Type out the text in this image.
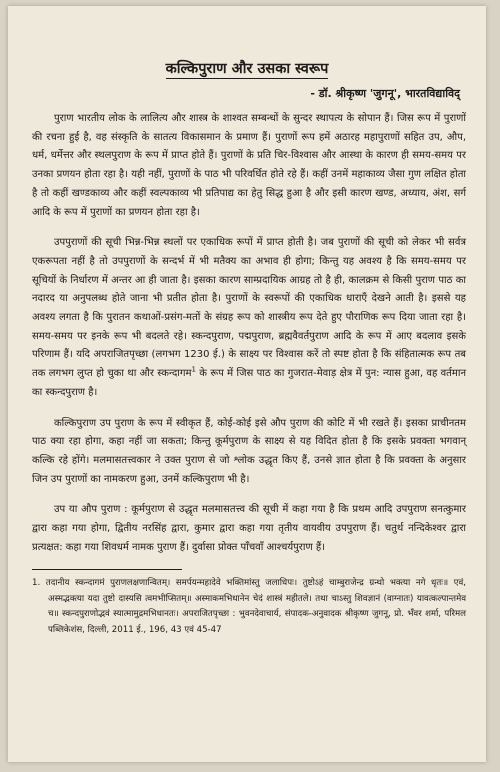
कल्किपुराण और उसका स्वरूप
- डॉ. श्रीकृष्ण 'जुगनू', भारतविद्याविद्

पुराण भारतीय लोक के लालित्य और शास्त्र के शाश्वत सम्बन्धों के सुन्दर स्थापत्य के सोपान हैं। जिस रूप में पुराणों की रचना हुई है, वह संस्कृति के सातत्य विकासमान के प्रमाण हैं। पुराणों रूप हमें अठारह महापुराणों सहित उप, औप, धर्म, धर्मेत्तर और स्थलपुराण के रूप में प्राप्त होते हैं। पुराणों के प्रति चिर-विश्वास और आस्था के कारण ही समय-समय पर उनका प्रणयन होता रहा है। यही नहीं, पुराणों के पाठ भी परिवर्धित होते रहे हैं। कहीं उनमें महाकाव्य जैसा गुण लक्षित होता है तो कहीं खण्डकाव्य और कहीं स्वल्पकाव्य भी प्रतिपाद्य का हेतु सिद्ध हुआ है और इसी कारण खण्ड, अध्याय, अंश, सर्ग आदि के रूप में पुराणों का प्रणयन होता रहा है।

उपपुराणों की सूची भिन्न-भिन्न स्थलों पर एकाधिक रूपों में प्राप्त होती है। जब पुराणों की सूची को लेकर भी सर्वत्र एकरूपता नहीं है तो उपपुराणों के सन्दर्भ में भी मतैक्य का अभाव ही होगा; किन्तु यह अवश्य है कि समय-समय पर सूचियों के निर्धारण में अन्तर आ ही जाता है। इसका कारण साम्प्रदायिक आग्रह तो है ही, कालक्रम से किसी पुराण पाठ का नदारद या अनुपलब्ध होते जाना भी प्रतीत होता है। पुराणों के स्वरूपों की एकाधिक धाराएँ देखने आती है। इससे यह अवश्य लगता है कि पुरातन कथाओं-प्रसंग-मतों के संग्रह रूप को शास्त्रीय रूप देते हुए पौराणिक रूप दिया जाता रहा है। समय-समय पर इनके रूप भी बदलते रहे। स्कन्दपुराण, पद्मपुराण, ब्रह्मवैवर्तपुराण आदि के रूप में आए बदलाव इसके परिणाम हैं। यदि अपराजितपृच्छा (लगभग 1230 ई.) के साक्ष्य पर विश्वास करें तो स्पष्ट होता है कि संहितात्मक रूप तब तक लगभग लुप्त हो चुका था और स्कन्दागम$^1$ के रूप में जिस पाठ का गुजरात-मेवाड़ क्षेत्र में पुन: न्यास हुआ, वह वर्तमान का स्कन्दपुराण है।

कल्किपुराण उप पुराण के रूप में स्वीकृत हैं, कोई-कोई इसे औप पुराण की कोटि में भी रखते हैं। इसका प्राचीनतम पाठ क्या रहा होगा, कहा नहीं जा सकता; किन्तु कूर्मपुराण के साक्ष्य से यह विदित होता है कि इसके प्रवक्ता भगवान् कल्कि रहे होंगे। मलमासतत्त्वकार ने उक्त पुराण से जो श्लोक उद्धृत किए हैं, उनसे ज्ञात होता है कि प्रवक्ता के अनुसार जिन उप पुराणों का नामकरण हुआ, उनमें कल्किपुराण भी है।

उप या औप पुराण : कूर्मपुराण से उद्धृत मलमासतत्त्व की सूची में कहा गया है कि प्रथम आदि उपपुराण सनत्कुमार द्वारा कहा गया होगा, द्वितीय नरसिंह द्वारा, कुमार द्वारा कहा गया तृतीय वायवीय उपपुराण हैं। चतुर्थ नन्दिकेश्वर द्वारा प्रत्यक्षत: कहा गया शिवधर्म नामक पुराण हैं। दुर्वासा प्रोक्त पाँचवाँ आश्चर्यपुराण हैं।

1. तदानीय स्कन्दागमं पुराणलक्षणान्वितम्। समर्पयन्महादेवे भक्तिमांस्तु जलाधिपः। तुष्टोऽहं चाम्बुराजेन्द्र ग्रन्थो भक्त्या नगे धृतः॥ एवं, अस्मद्भक्त्या यदा तुष्टो दास्यसि त्वमभीप्सितम्॥ अस्माकमभिधानेन चेदं शास्त्रं महीतले। तथा चाऽस्तु शिवज्ञानं (वाग्नातः) यावत्कल्पान्तमेव च॥ स्कन्दपुराणोद्भवं स्यात्मामुद्रमभिधानतः। अपराजितपृच्छा : भुवनदेवाचार्य, संपादक-अनुवादक श्रीकृष्ण जुगनू, प्रो. भँवर शर्मा, परिमल पब्लिकेशंस, दिल्ली, 2011 ई., 196, 43 एवं 45-47
